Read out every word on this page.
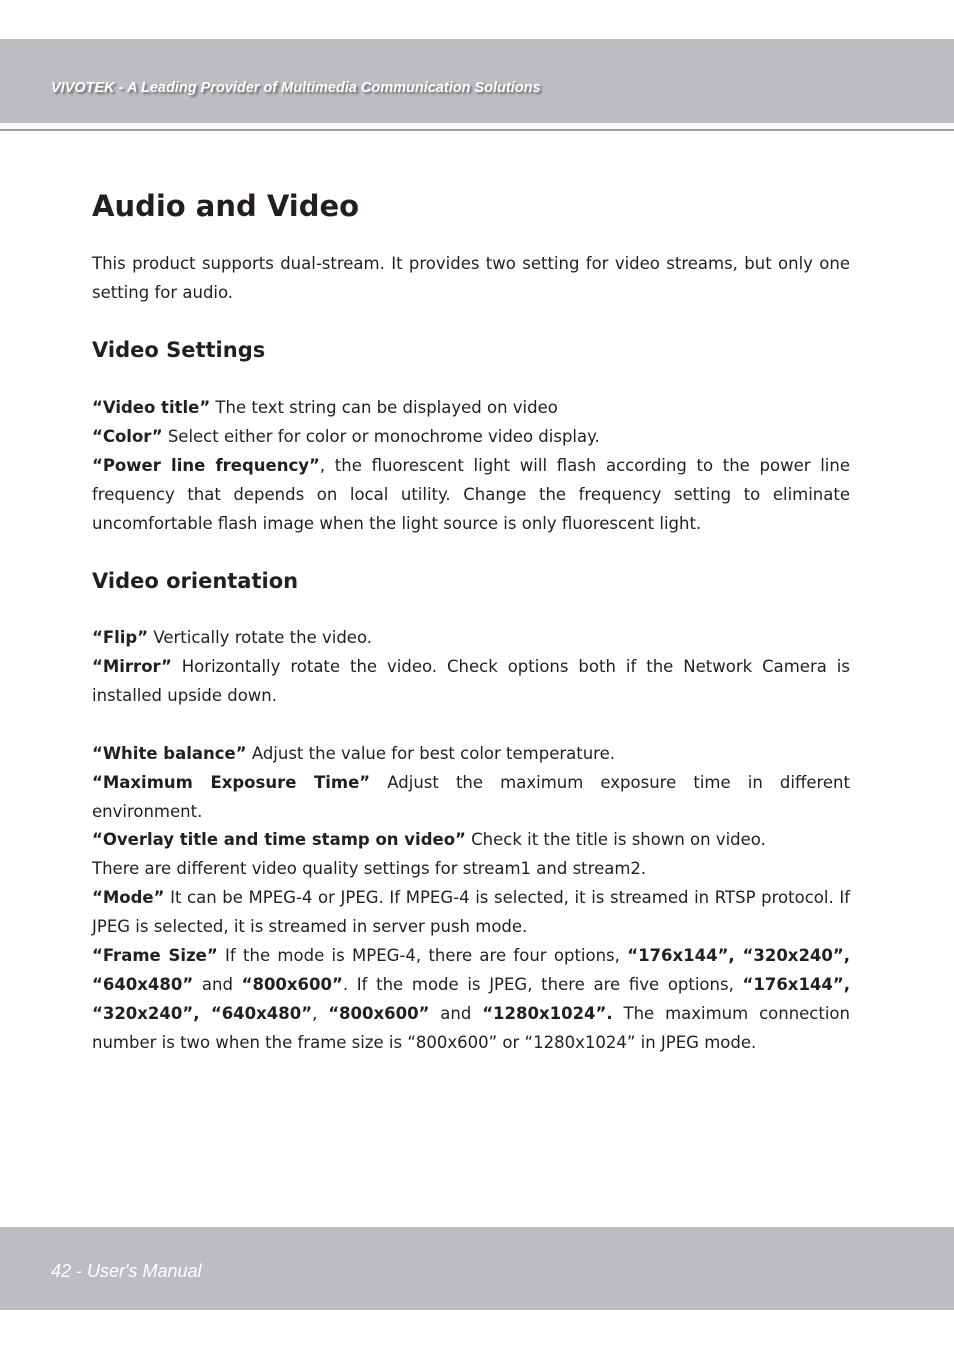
VIVOTEK - A Leading Provider of Multimedia Communication Solutions
Audio and Video

This product supports dual-stream. It provides two setting for video streams, but only one setting for audio.

Video Settings

“Video title” The text string can be displayed on video

“Color” Select either for color or monochrome video display.

“Power line frequency”, the fluorescent light will flash according to the power line frequency that depends on local utility. Change the frequency setting to eliminate uncomfortable flash image when the light source is only fluorescent light.

Video orientation

“Flip” Vertically rotate the video.

“Mirror” Horizontally rotate the video. Check options both if the Network Camera is installed upside down.

“White balance” Adjust the value for best color temperature.

“Maximum Exposure Time” Adjust the maximum exposure time in different environment.

“Overlay title and time stamp on video” Check it the title is shown on video.

There are different video quality settings for stream1 and stream2.

“Mode” It can be MPEG-4 or JPEG. If MPEG-4 is selected, it is streamed in RTSP protocol. If JPEG is selected, it is streamed in server push mode.

“Frame Size” If the mode is MPEG-4, there are four options, “176x144”, “320x240”, “640x480” and “800x600”. If the mode is JPEG, there are five options, “176x144”, “320x240”, “640x480”, “800x600” and “1280x1024”. The maximum connection number is two when the frame size is “800x600” or “1280x1024” in JPEG mode.

42 - User's Manual
